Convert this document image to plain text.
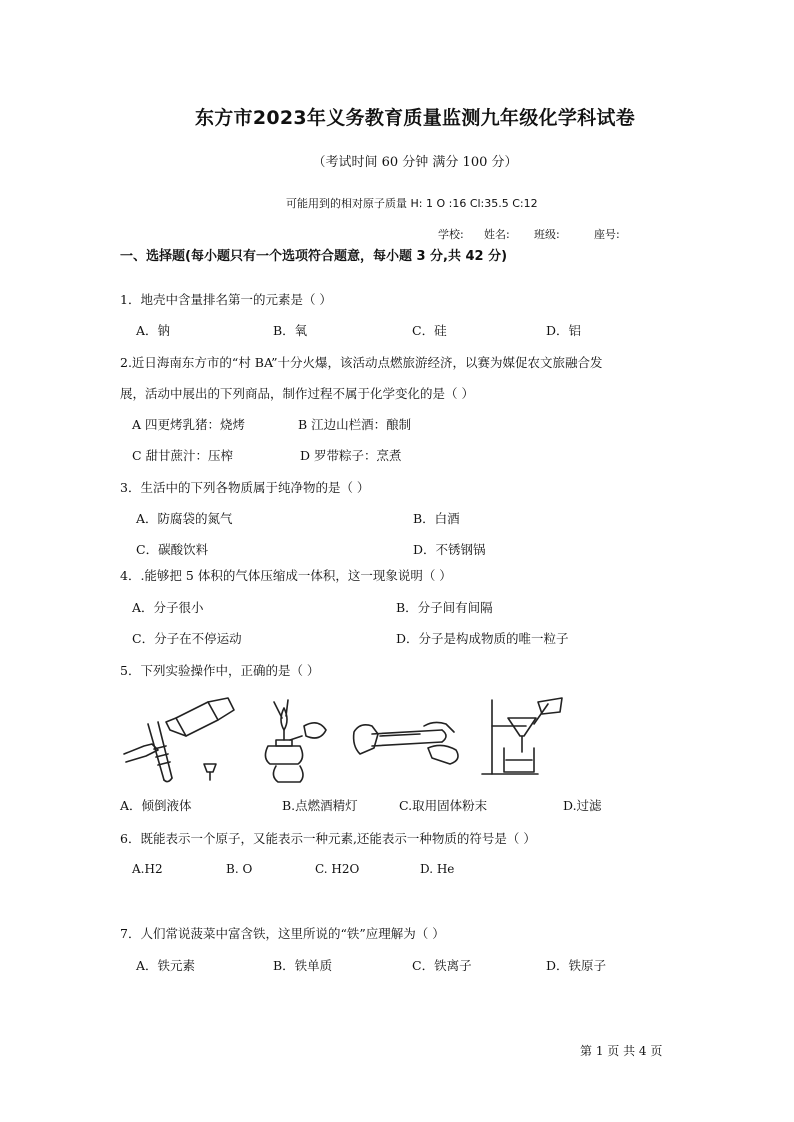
东方市2023年义务教育质量监测九年级化学科试卷
（考试时间 60 分钟 满分 100 分）
可能用到的相对原子质量 H: 1 O :16 Cl:35.5 C:12
学校: 姓名: 班级:	座号:
一、选择题(每小题只有一个选项符合题意，每小题 3 分,共 42 分)
1．地壳中含量排名第一的元素是（ ）
A．钠	B．氧	C．硅	D．铝
2.近日海南东方市的“村 BA”十分火爆，该活动点燃旅游经济，以赛为媒促农文旅融合发
展，活动中展出的下列商品，制作过程不属于化学变化的是（ ）
A 四更烤乳猪：烧烤	B 江边山栏酒：酿制
C 甜甘蔗汁：压榨	D 罗带粽子：烹煮
3．生活中的下列各物质属于纯净物的是（ ）
A．防腐袋的氮气	B．白酒
C．碳酸饮料	D．不锈钢锅
4．.能够把 5 体积的气体压缩成一体积，这一现象说明（ ）
A．分子很小	B．分子间有间隔
C．分子在不停运动	D．分子是构成物质的唯一粒子
5．下列实验操作中，正确的是（ ）
A．倾倒液体	B.点燃酒精灯	C.取用固体粉末	D.过滤
6．既能表示一个原子，又能表示一种元素,还能表示一种物质的符号是（ ）
A.H2	B. O	C. H2O	D. He
7．人们常说菠菜中富含铁，这里所说的“铁”应理解为（ ）
A．铁元素	B．铁单质	C．铁离子	D．铁原子
第 1 页 共 4 页
